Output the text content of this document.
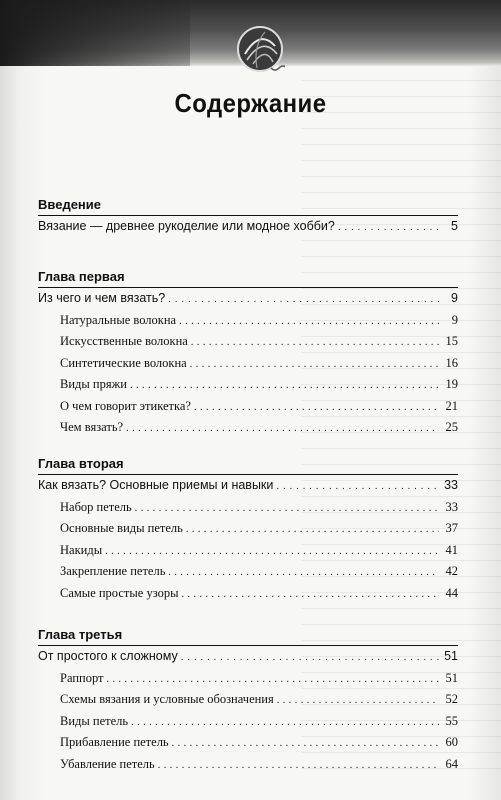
Содержание
Введение
Вязание — древнее рукоделие или модное хобби? . . .	5
Глава первая
Из чего и чем вязать? . . .	9
Натуральные волокна . . .	9
Искусственные волокна . . .	15
Синтетические волокна . . .	16
Виды пряжи . . .	19
О чем говорит этикетка? . . .	21
Чем вязать? . . .	25
Глава вторая
Как вязать? Основные приемы и навыки . . .	33
Набор петель . . .	33
Основные виды петель . . .	37
Накиды . . .	41
Закрепление петель . . .	42
Самые простые узоры . . .	44
Глава третья
От простого к сложному . . .	51
Раппорт . . .	51
Схемы вязания и условные обозначения . . .	52
Виды петель . . .	55
Прибавление петель . . .	60
Убавление петель . . .	64
